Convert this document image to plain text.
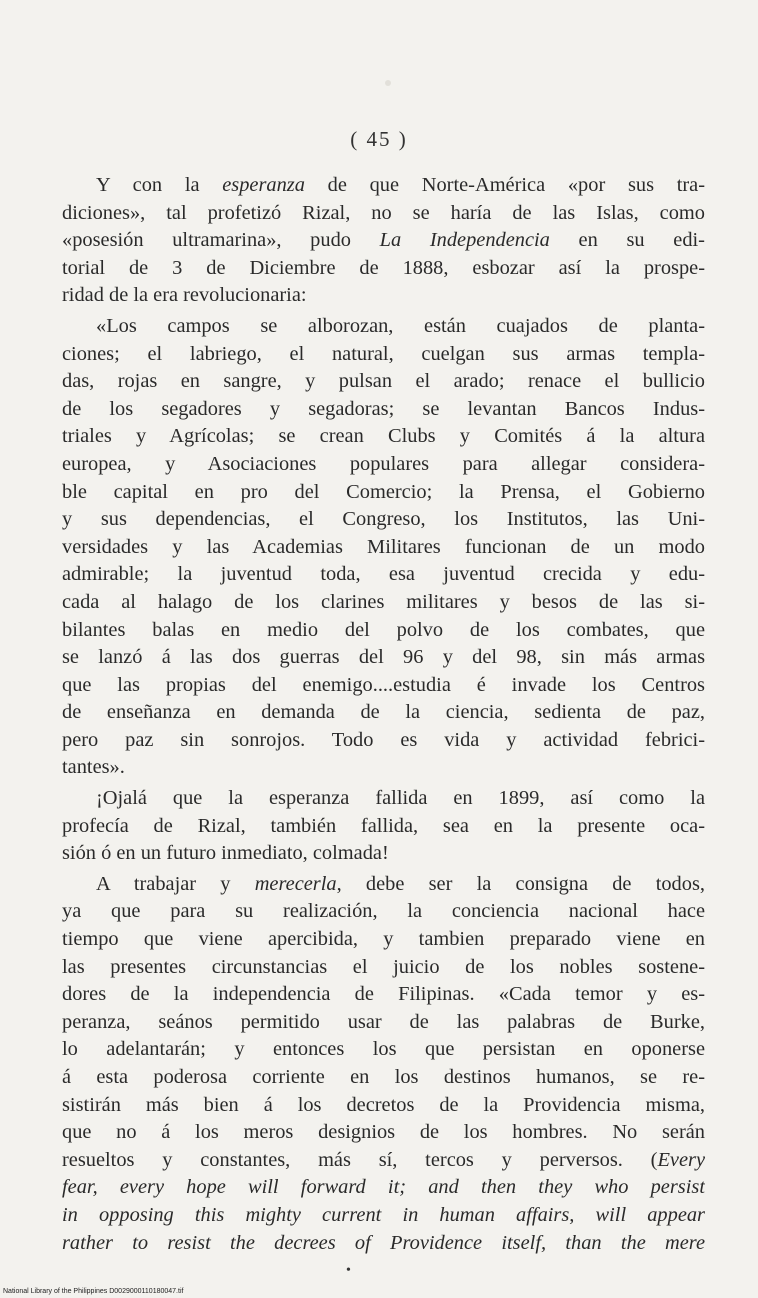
( 45 )
Y con la esperanza de que Norte-América «por sus tra-
diciones», tal profetizó Rizal, no se haría de las Islas, como
«posesión ultramarina», pudo La Independencia en su edi-
torial de 3 de Diciembre de 1888, esbozar así la prospe-
ridad de la era revolucionaria:
«Los campos se alborozan, están cuajados de planta-
ciones; el labriego, el natural, cuelgan sus armas templa-
das, rojas en sangre, y pulsan el arado; renace el bullicio
de los segadores y segadoras; se levantan Bancos Indus-
triales y Agrícolas; se crean Clubs y Comités á la altura
europea, y Asociaciones populares para allegar considera-
ble capital en pro del Comercio; la Prensa, el Gobierno
y sus dependencias, el Congreso, los Institutos, las Uni-
versidades y las Academias Militares funcionan de un modo
admirable; la juventud toda, esa juventud crecida y edu-
cada al halago de los clarines militares y besos de las si-
bilantes balas en medio del polvo de los combates, que
se lanzó á las dos guerras del 96 y del 98, sin más armas
que las propias del enemigo....estudia é invade los Centros
de enseñanza en demanda de la ciencia, sedienta de paz,
pero paz sin sonrojos. Todo es vida y actividad febrici-
tantes».
¡Ojalá que la esperanza fallida en 1899, así como la
profecía de Rizal, también fallida, sea en la presente oca-
sión ó en un futuro inmediato, colmada!
A trabajar y merecerla, debe ser la consigna de todos,
ya que para su realización, la conciencia nacional hace
tiempo que viene apercibida, y tambien preparado viene en
las presentes circunstancias el juicio de los nobles sostene-
dores de la independencia de Filipinas. «Cada temor y es-
peranza, seános permitido usar de las palabras de Burke,
lo adelantarán; y entonces los que persistan en oponerse
á esta poderosa corriente en los destinos humanos, se re-
sistirán más bien á los decretos de la Providencia misma,
que no á los meros designios de los hombres. No serán
resueltos y constantes, más sí, tercos y perversos. (Every
fear, every hope will forward it; and then they who persist
in opposing this mighty current in human affairs, will appear
rather to resist the decrees of Providence itself, than the mere
•
National Library of the Philippines D0029000110180047.tif
